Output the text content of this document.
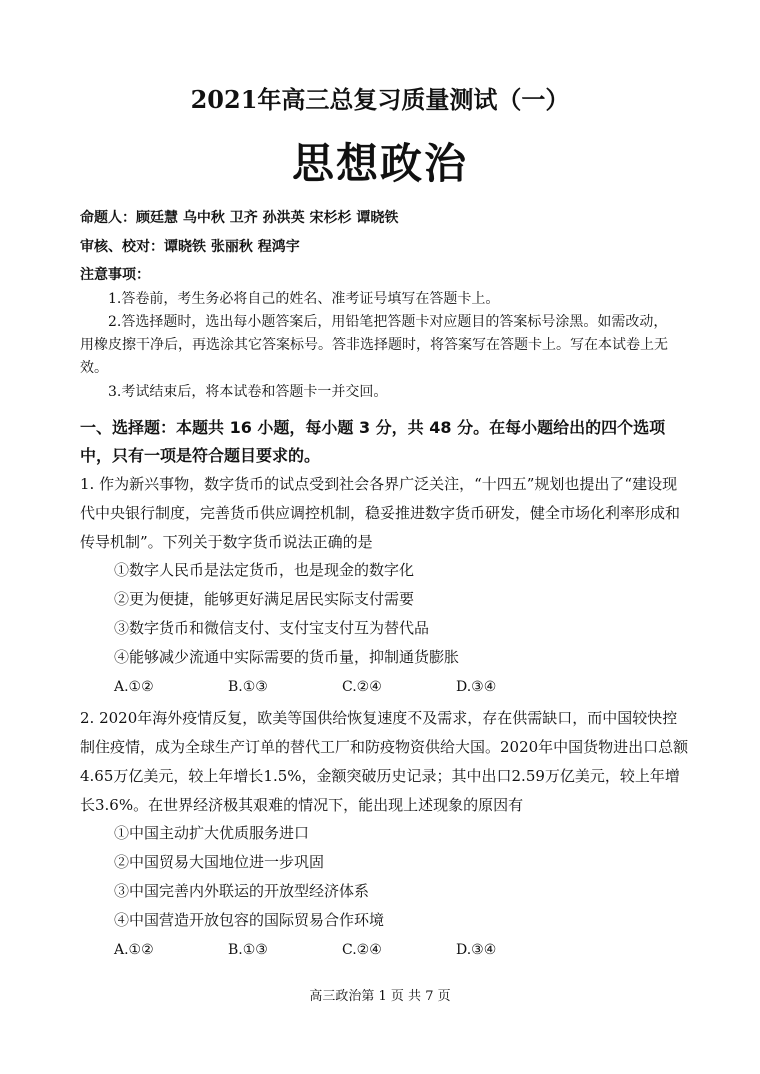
2021年高三总复习质量测试（一）
思想政治
命题人：顾廷慧 乌中秋 卫齐 孙洪英 宋杉杉 谭晓铁
审核、校对：谭晓铁 张丽秋 程鸿宇
注意事项：
1.答卷前，考生务必将自己的姓名、准考证号填写在答题卡上。
2.答选择题时，选出每小题答案后，用铅笔把答题卡对应题目的答案标号涂黑。如需改动，用橡皮擦干净后，再选涂其它答案标号。答非选择题时，将答案写在答题卡上。写在本试卷上无效。
3.考试结束后，将本试卷和答题卡一并交回。
一、选择题：本题共 16 小题，每小题 3 分，共 48 分。在每小题给出的四个选项中，只有一项是符合题目要求的。
1. 作为新兴事物，数字货币的试点受到社会各界广泛关注，“十四五”规划也提出了“建设现代中央银行制度，完善货币供应调控机制，稳妥推进数字货币研发，健全市场化利率形成和传导机制”。下列关于数字货币说法正确的是
①数字人民币是法定货币，也是现金的数字化
②更为便捷，能够更好满足居民实际支付需要
③数字货币和微信支付、支付宝支付互为替代品
④能够减少流通中实际需要的货币量，抑制通货膨胀
A.①②	B.①③	C.②④	D.③④
2. 2020年海外疫情反复，欧美等国供给恢复速度不及需求，存在供需缺口，而中国较快控制住疫情，成为全球生产订单的替代工厂和防疫物资供给大国。2020年中国货物进出口总额4.65万亿美元，较上年增长1.5%，金额突破历史记录；其中出口2.59万亿美元，较上年增长3.6%。在世界经济极其艰难的情况下，能出现上述现象的原因有
①中国主动扩大优质服务进口
②中国贸易大国地位进一步巩固
③中国完善内外联运的开放型经济体系
④中国营造开放包容的国际贸易合作环境
A.①②	B.①③	C.②④	D.③④
高三政治第 1 页 共 7 页
